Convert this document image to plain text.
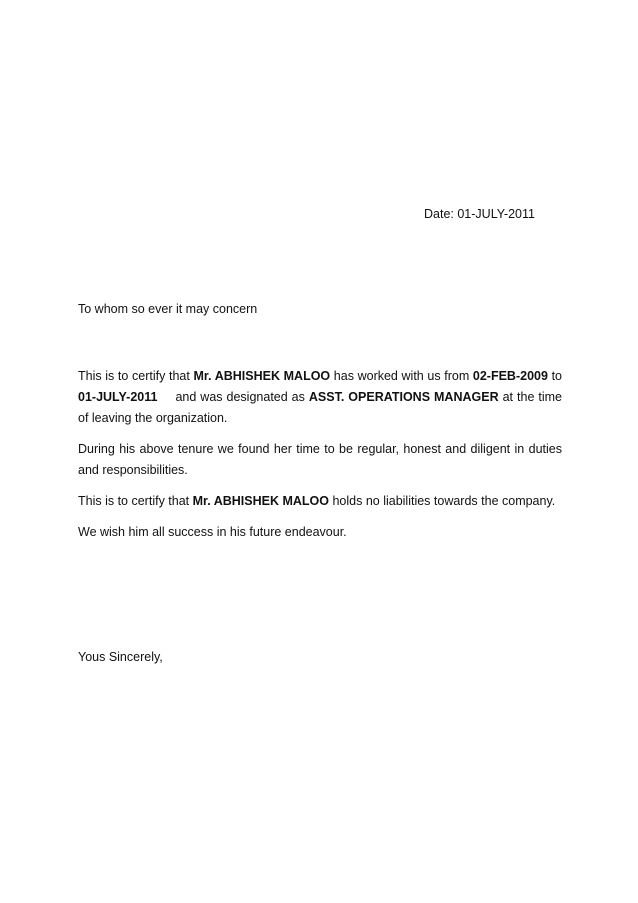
Date: 01-JULY-2011
To whom so ever it may concern

This is to certify that Mr. ABHISHEK MALOO has worked with us from 02-FEB-2009 to 01-JULY-2011 and was designated as ASST. OPERATIONS MANAGER at the time of leaving the organization.

During his above tenure we found her time to be regular, honest and diligent in duties and responsibilities.

This is to certify that Mr. ABHISHEK MALOO holds no liabilities towards the company.

We wish him all success in his future endeavour.

Yous Sincerely,
